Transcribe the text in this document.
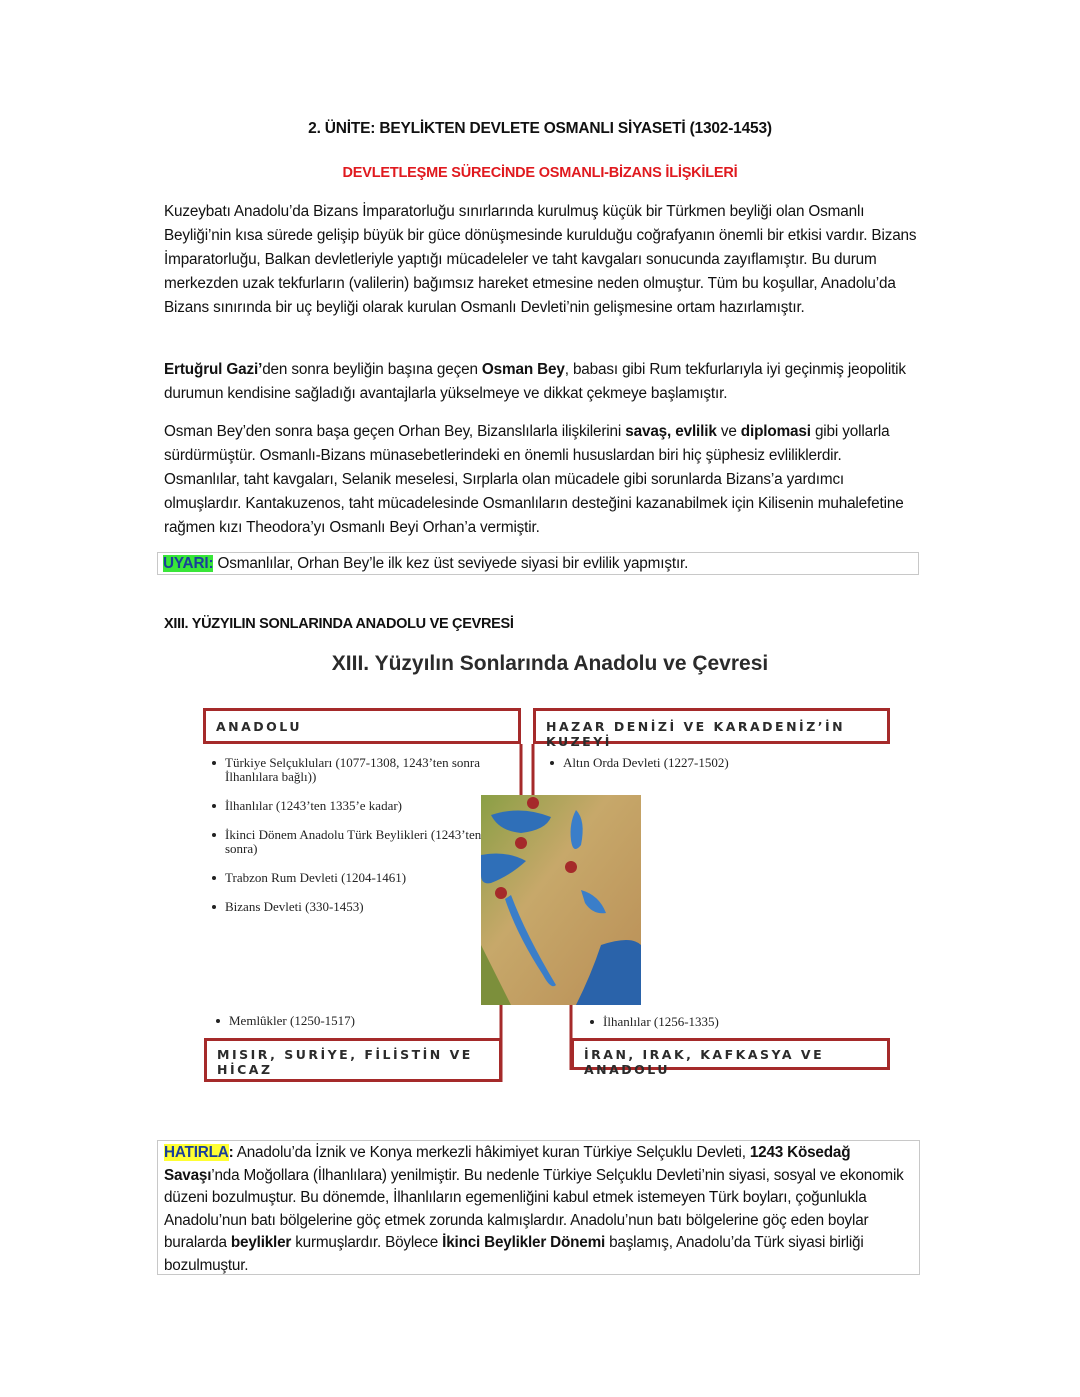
2. ÜNİTE: BEYLİKTEN DEVLETE OSMANLI SİYASETİ (1302-1453)
DEVLETLEŞME SÜRECİNDE OSMANLI-BİZANS İLİŞKİLERİ

Kuzeybatı Anadolu’da Bizans İmparatorluğu sınırlarında kurulmuş küçük bir Türkmen beyliği olan Osmanlı Beyliği’nin kısa sürede gelişip büyük bir güce dönüşmesinde kurulduğu coğrafyanın önemli bir etkisi vardır. Bizans İmparatorluğu, Balkan devletleriyle yaptığı mücadeleler ve taht kavgaları sonucunda zayıflamıştır. Bu durum merkezden uzak tekfurların (valilerin) bağımsız hareket etmesine neden olmuştur. Tüm bu koşullar, Anadolu’da Bizans sınırında bir uç beyliği olarak kurulan Osmanlı Devleti’nin gelişmesine ortam hazırlamıştır.

Ertuğrul Gazi’den sonra beyliğin başına geçen Osman Bey, babası gibi Rum tekfurlarıyla iyi geçinmiş jeopolitik durumun kendisine sağladığı avantajlarla yükselmeye ve dikkat çekmeye başlamıştır.

Osman Bey’den sonra başa geçen Orhan Bey, Bizanslılarla ilişkilerini savaş, evlilik ve diplomasi gibi yollarla sürdürmüştür. Osmanlı-Bizans münasebetlerindeki en önemli hususlardan biri hiç şüphesiz evliliklerdir. Osmanlılar, taht kavgaları, Selanik meselesi, Sırplarla olan mücadele gibi sorunlarda Bizans’a yardımcı olmuşlardır. Kantakuzenos, taht mücadelesinde Osmanlıların desteğini kazanabilmek için Kilisenin muhalefetine rağmen kızı Theodora’yı Osmanlı Beyi Orhan’a vermiştir.

UYARI: Osmanlılar, Orhan Bey’le ilk kez üst seviyede siyasi bir evlilik yapmıştır.
XIII. YÜZYILIN SONLARINDA ANADOLU VE ÇEVRESİ
XIII. Yüzyılın Sonlarında Anadolu ve Çevresi
ANADOLU	HAZAR DENİZİ VE KARADENİZ’İN KUZEYİ
MISIR, SURİYE, FİLİSTİN VE HİCAZ
İRAN, IRAK, KAFKASYA VE ANADOLU
Türkiye Selçukluları (1077-1308, 1243’ten sonra İlhanlılara bağlı))
İlhanlılar (1243’ten 1335’e kadar)
İkinci Dönem Anadolu Türk Beylikleri (1243’ten sonra)
Trabzon Rum Devleti (1204-1461)
Bizans Devleti (330-1453)
Altın Orda Devleti (1227-1502)
Memlûkler (1250-1517)	İlhanlılar (1256-1335)
HATIRLA: Anadolu’da İznik ve Konya merkezli hâkimiyet kuran Türkiye Selçuklu Devleti, 1243 Kösedağ Savaşı’nda Moğollara (İlhanlılara) yenilmiştir. Bu nedenle Türkiye Selçuklu Devleti’nin siyasi, sosyal ve ekonomik düzeni bozulmuştur. Bu dönemde, İlhanlıların egemenliğini kabul etmek istemeyen Türk boyları, çoğunlukla Anadolu’nun batı bölgelerine göç etmek zorunda kalmışlardır. Anadolu’nun batı bölgelerine göç eden boylar buralarda beylikler kurmuşlardır. Böylece İkinci Beylikler Dönemi başlamış, Anadolu’da Türk siyasi birliği bozulmuştur.
